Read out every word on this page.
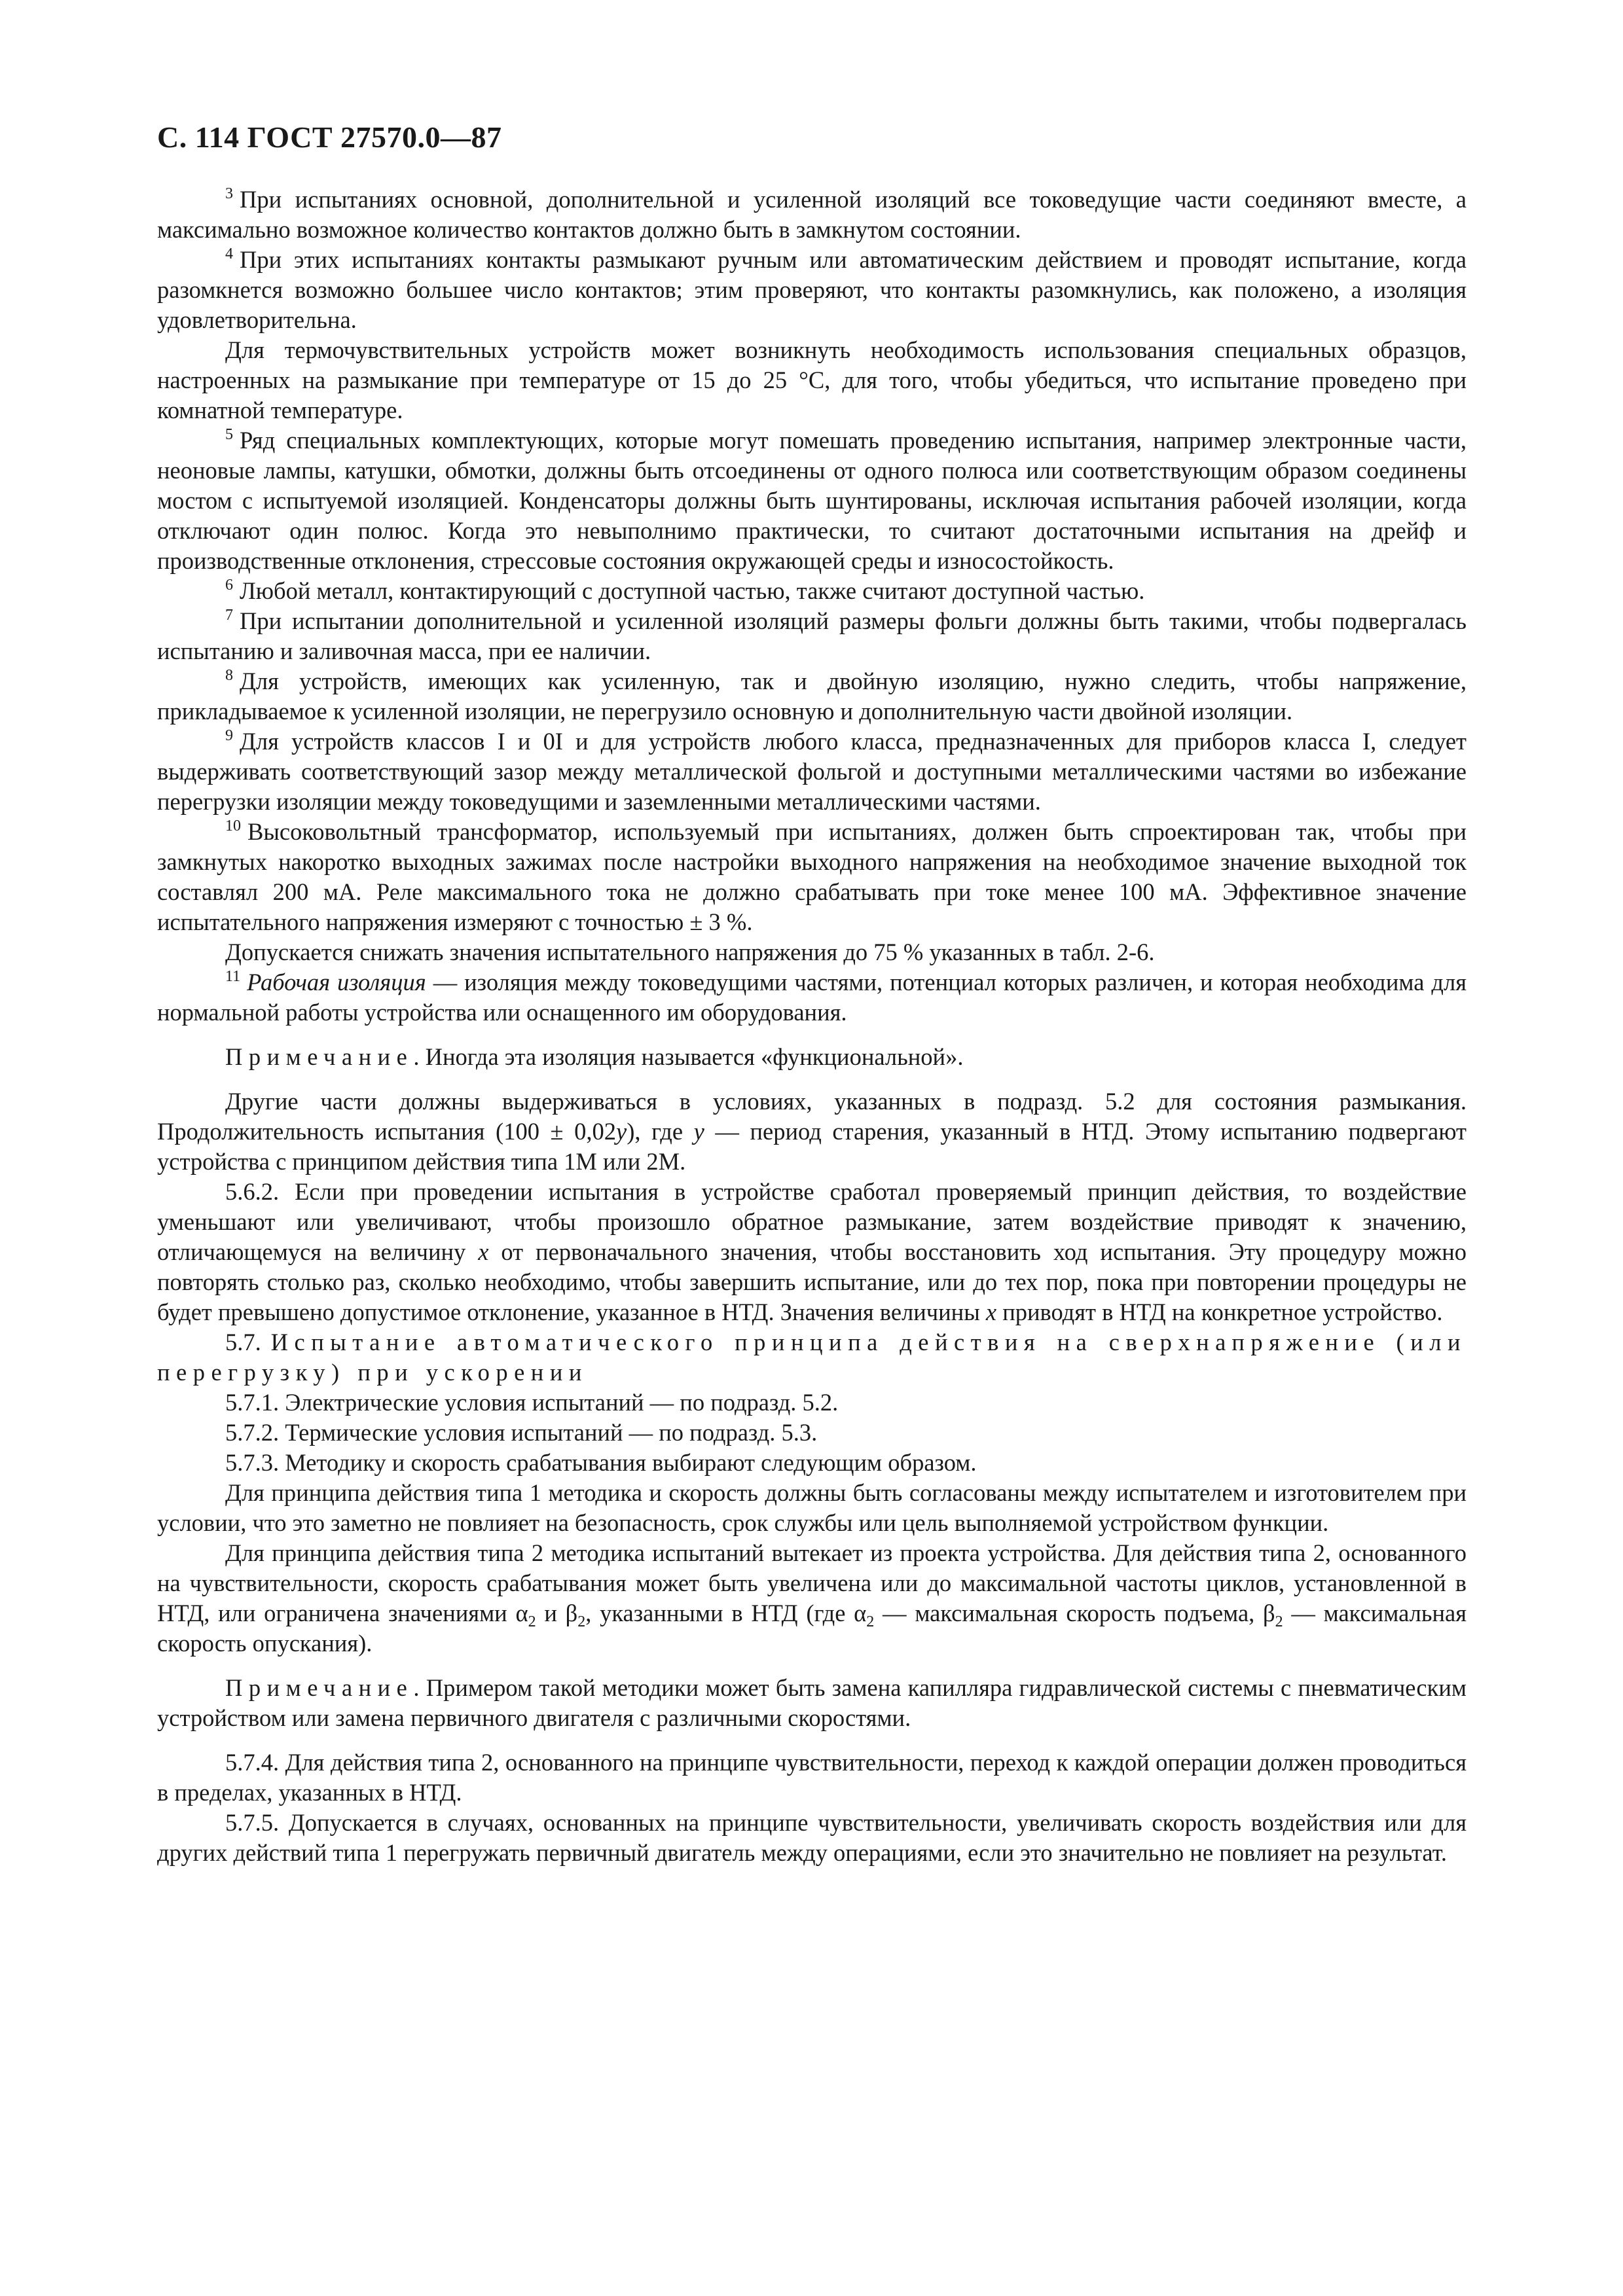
С. 114 ГОСТ 27570.0—87

$^3$ При испытаниях основной, дополнительной и усиленной изоляций все токоведущие части соединяют вместе, а максимально возможное количество контактов должно быть в замкнутом состоянии.

$^4$ При этих испытаниях контакты размыкают ручным или автоматическим действием и проводят испытание, когда разомкнется возможно большее число контактов; этим проверяют, что контакты разомкнулись, как положено, а изоляция удовлетворительна.

Для термочувствительных устройств может возникнуть необходимость использования специальных образцов, настроенных на размыкание при температуре от 15 до 25 °С, для того, чтобы убедиться, что испытание проведено при комнатной температуре.

$^5$ Ряд специальных комплектующих, которые могут помешать проведению испытания, например электронные части, неоновые лампы, катушки, обмотки, должны быть отсоединены от одного полюса или соответствующим образом соединены мостом с испытуемой изоляцией. Конденсаторы должны быть шунтированы, исключая испытания рабочей изоляции, когда отключают один полюс. Когда это невыполнимо практически, то считают достаточными испытания на дрейф и производственные отклонения, стрессовые состояния окружающей среды и износостойкость.

$^6$ Любой металл, контактирующий с доступной частью, также считают доступной частью.

$^7$ При испытании дополнительной и усиленной изоляций размеры фольги должны быть такими, чтобы подвергалась испытанию и заливочная масса, при ее наличии.

$^8$ Для устройств, имеющих как усиленную, так и двойную изоляцию, нужно следить, чтобы напряжение, прикладываемое к усиленной изоляции, не перегрузило основную и дополнительную части двойной изоляции.

$^9$ Для устройств классов I и 0I и для устройств любого класса, предназначенных для приборов класса I, следует выдерживать соответствующий зазор между металлической фольгой и доступными металлическими частями во избежание перегрузки изоляции между токоведущими и заземленными металлическими частями.

$^{10}$ Высоковольтный трансформатор, используемый при испытаниях, должен быть спроектирован так, чтобы при замкнутых накоротко выходных зажимах после настройки выходного напряжения на необходимое значение выходной ток составлял 200 мА. Реле максимального тока не должно срабатывать при токе менее 100 мА. Эффективное значение испытательного напряжения измеряют с точностью ± 3 %.

Допускается снижать значения испытательного напряжения до 75 % указанных в табл. 2-6.

$^{11}$ Рабочая изоляция — изоляция между токоведущими частями, потенциал которых различен, и которая необходима для нормальной работы устройства или оснащенного им оборудования.

Примечание. Иногда эта изоляция называется «функциональной».

Другие части должны выдерживаться в условиях, указанных в подразд. 5.2 для состояния размыкания. Продолжительность испытания (100 ± 0,02y), где y — период старения, указанный в НТД. Этому испытанию подвергают устройства с принципом действия типа 1М или 2М.

5.6.2. Если при проведении испытания в устройстве сработал проверяемый принцип действия, то воздействие уменьшают или увеличивают, чтобы произошло обратное размыкание, затем воздействие приводят к значению, отличающемуся на величину х от первоначального значения, чтобы восстановить ход испытания. Эту процедуру можно повторять столько раз, сколько необходимо, чтобы завершить испытание, или до тех пор, пока при повторении процедуры не будет превышено допустимое отклонение, указанное в НТД. Значения величины х приводят в НТД на конкретное устройство.

5.7. Испытание автоматического принципа действия на сверхнапряжение (или перегрузку) при ускорении

5.7.1. Электрические условия испытаний — по подразд. 5.2.

5.7.2. Термические условия испытаний — по подразд. 5.3.

5.7.3. Методику и скорость срабатывания выбирают следующим образом.

Для принципа действия типа 1 методика и скорость должны быть согласованы между испытателем и изготовителем при условии, что это заметно не повлияет на безопасность, срок службы или цель выполняемой устройством функции.

Для принципа действия типа 2 методика испытаний вытекает из проекта устройства. Для действия типа 2, основанного на чувствительности, скорость срабатывания может быть увеличена или до максимальной частоты циклов, установленной в НТД, или ограничена значениями $\alpha_2$ и $\beta_2$, указанными в НТД (где $\alpha_2$ — максимальная скорость подъема, $\beta_2$ — максимальная скорость опускания).

Примечание. Примером такой методики может быть замена капилляра гидравлической системы с пневматическим устройством или замена первичного двигателя с различными скоростями.

5.7.4. Для действия типа 2, основанного на принципе чувствительности, переход к каждой операции должен проводиться в пределах, указанных в НТД.

5.7.5. Допускается в случаях, основанных на принципе чувствительности, увеличивать скорость воздействия или для других действий типа 1 перегружать первичный двигатель между операциями, если это значительно не повлияет на результат.
